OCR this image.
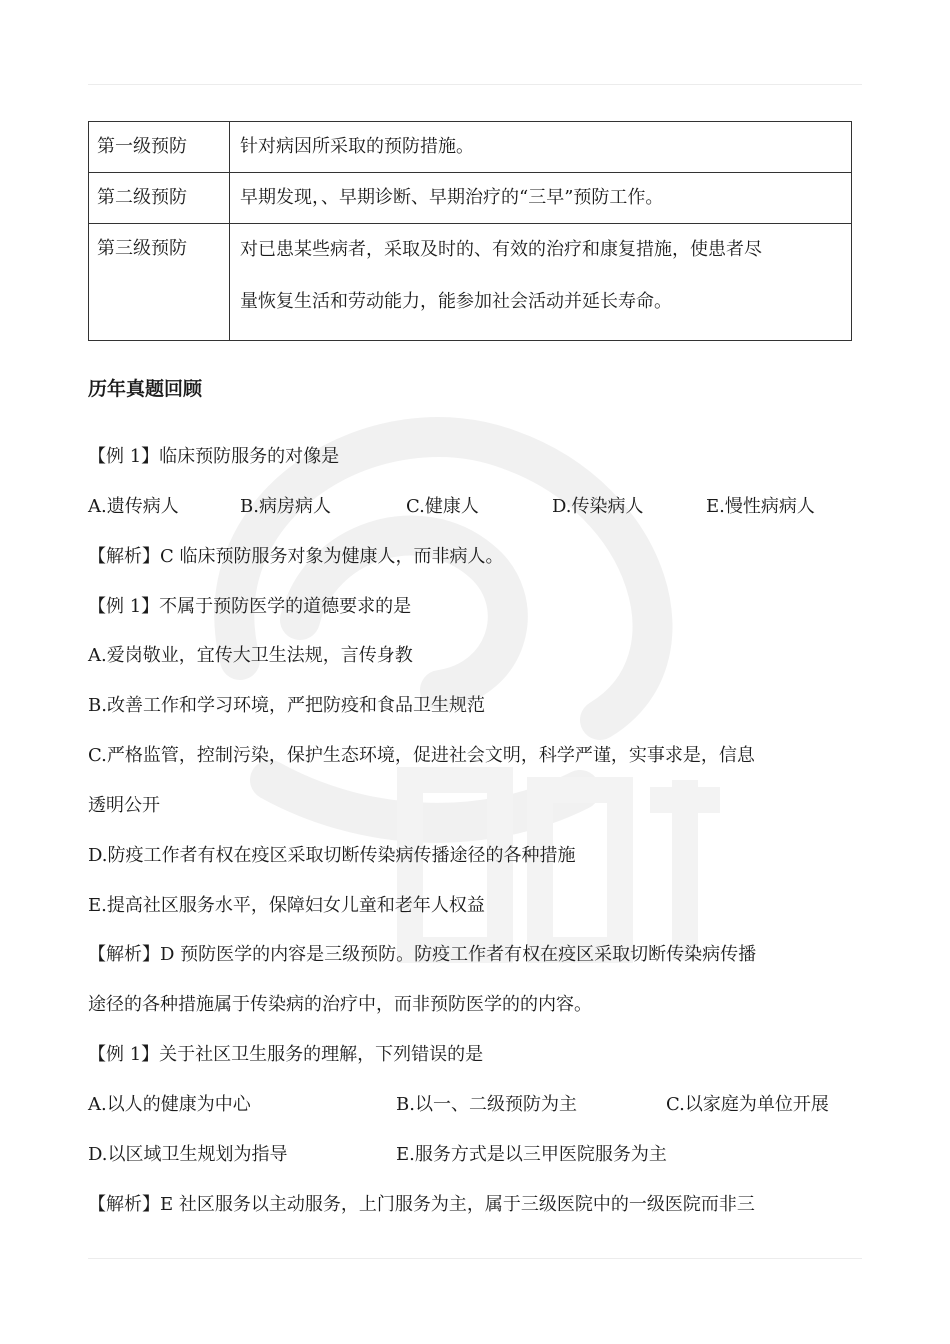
第一级预防	针对病因所采取的预防措施。
第二级预防	早期发现，、早期诊断、早期治疗的“三早”预防工作。
第三级预防	对已患某些病者，采取及时的、有效的治疗和康复措施，使患者尽
量恢复生活和劳动能力，能参加社会活动并延长寿命。
历年真题回顾
【例 1】临床预防服务的对像是
A.遗传病人	B.病房病人	C.健康人	D.传染病人	E.慢性病病人
【解析】C 临床预防服务对象为健康人，而非病人。
【例 1】不属于预防医学的道德要求的是
A.爱岗敬业，宜传大卫生法规，言传身教
B.改善工作和学习环境，严把防疫和食品卫生规范
C.严格监管，控制污染，保护生态环境，促进社会文明，科学严谨，实事求是，信息
透明公开
D.防疫工作者有权在疫区采取切断传染病传播途径的各种措施
E.提高社区服务水平，保障妇女儿童和老年人权益
【解析】D 预防医学的内容是三级预防。防疫工作者有权在疫区采取切断传染病传播
途径的各种措施属于传染病的治疗中，而非预防医学的的内容。
【例 1】关于社区卫生服务的理解，下列错误的是
A.以人的健康为中心	B.以一、二级预防为主	C.以家庭为单位开展
D.以区域卫生规划为指导	E.服务方式是以三甲医院服务为主
【解析】E 社区服务以主动服务，上门服务为主，属于三级医院中的一级医院而非三
